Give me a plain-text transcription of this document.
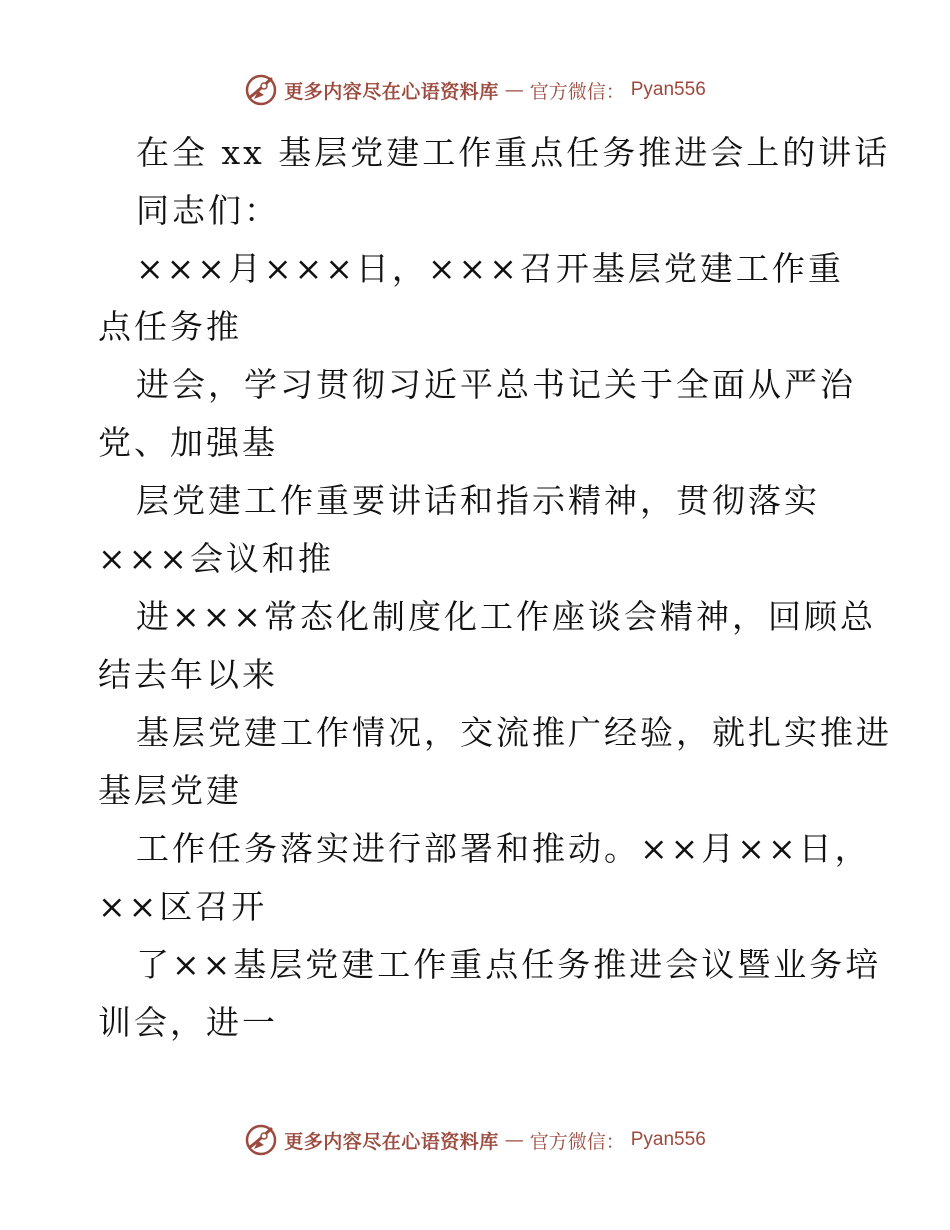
更多内容尽在心语资料库 — 官方微信： Pyan556
在全 xx 基层党建工作重点任务推进会上的讲话
同志们：
×××月×××日，×××召开基层党建工作重
点任务推
进会，学习贯彻习近平总书记关于全面从严治
党、加强基
层党建工作重要讲话和指示精神，贯彻落实
×××会议和推
进×××常态化制度化工作座谈会精神，回顾总
结去年以来
基层党建工作情况，交流推广经验，就扎实推进
基层党建
工作任务落实进行部署和推动。××月××日，
××区召开
了××基层党建工作重点任务推进会议暨业务培
训会，进一
更多内容尽在心语资料库 — 官方微信： Pyan556
